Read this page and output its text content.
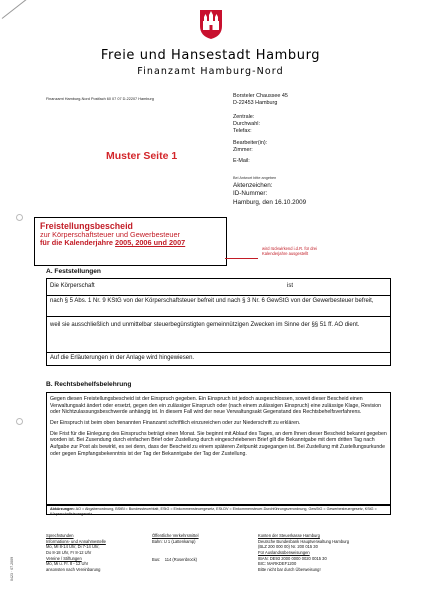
Freie und Hansestadt Hamburg
Finanzamt Hamburg-Nord
Finanzamt Hamburg-Nord Postfach 60 07 07 D-22207 Hamburg	Borsteler Chaussee 45
D-22453 Hamburg
Zentrale:
Durchwahl:
Telefax:
Bearbeiter(in):
Zimmer:
E-Mail:
Muster Seite 1
Bei Antwort bitte angeben
Aktenzeichen:
ID-Nummer:
Hamburg, den 16.10.2009
Freistellungsbescheid
zur Körperschaftsteuer und Gewerbesteuer
für die Kalenderjahre 2005, 2006 und 2007
wird rückwirkend i.d.R. für drei
Kalenderjahre ausgestellt
A. Feststellungen
Die Körperschaft	ist
nach § 5 Abs. 1 Nr. 9 KStG von der Körperschaftsteuer befreit und nach § 3 Nr. 6 GewStG von der Gewerbesteuer befreit,
weil sie ausschließlich und unmittelbar steuerbegünstigten gemeinnützigen Zwecken im Sinne der §§ 51 ff. AO dient.
Auf die Erläuterungen in der Anlage wird hingewiesen.
B. Rechtsbehelfsbelehrung

Gegen diesen Freistellungsbescheid ist der Einspruch gegeben. Ein Einspruch ist jedoch ausgeschlossen, soweit dieser Bescheid einen Verwaltungsakt ändert oder ersetzt, gegen den ein zulässiger Einspruch oder (nach einem zulässigen Einspruch) eine zulässige Klage, Revision oder Nichtzulassungsbeschwerde anhängig ist. In diesem Fall wird der neue Verwaltungsakt Gegenstand des Rechtsbehelfsverfahrens.

Der Einspruch ist beim oben benannten Finanzamt schriftlich einzureichen oder zur Niederschrift zu erklären.

Die Frist für die Einlegung des Einspruchs beträgt einen Monat. Sie beginnt mit Ablauf des Tages, an dem Ihnen dieser Bescheid bekannt gegeben worden ist. Bei Zusendung durch einfachen Brief oder Zustellung durch eingeschriebenen Brief gilt die Bekanntgabe mit dem dritten Tag nach Aufgabe zur Post als bewirkt, es sei denn, dass der Bescheid zu einem späteren Zeitpunkt zugegangen ist. Bei Zustellung mit Zustellungsurkunde oder gegen Empfangsbekenntnis ist der Tag der Bekanntgabe der Tag der Zustellung.

Abkürzungen: AO = Abgabenordnung, BStBl = Bundessteuerblatt, EStG = Einkommensteuergesetz, ESt-DV = Einkommensteuer-Durchführungsverordnung, GewStG = Gewerbesteuergesetz, KStG = Körperschaftsteuergesetz
Sprechstunden
Informations- und Annahmestelle
Mo, MI 8-14 Uhr, Di 7-14 Uhr,
Do 8-18 Uhr, Fr 8-12 Uhr
Vereine / Stiftungen
Mo, Mi u. Fr. 8 - 12 Uhr
ansonsten nach Vereinbarung
Öffentliche Verkehrsmittel
Bahn: U 1 (Lattenkamp)
Bus: 114 (Rosenbrock)
Konten der Steuerkasse Hamburg
Deutsche Bundesbank Hauptverwaltung Hamburg
(BLZ 200 000 00) Nr. 200 015 30
Für Auslandsüberweisungen
IBAN: DE93 2000 0000 0020 0015 30
BIC: MARKDEF1200
Bitte nicht bar durch Überweisung!
0423 · 07.2009
